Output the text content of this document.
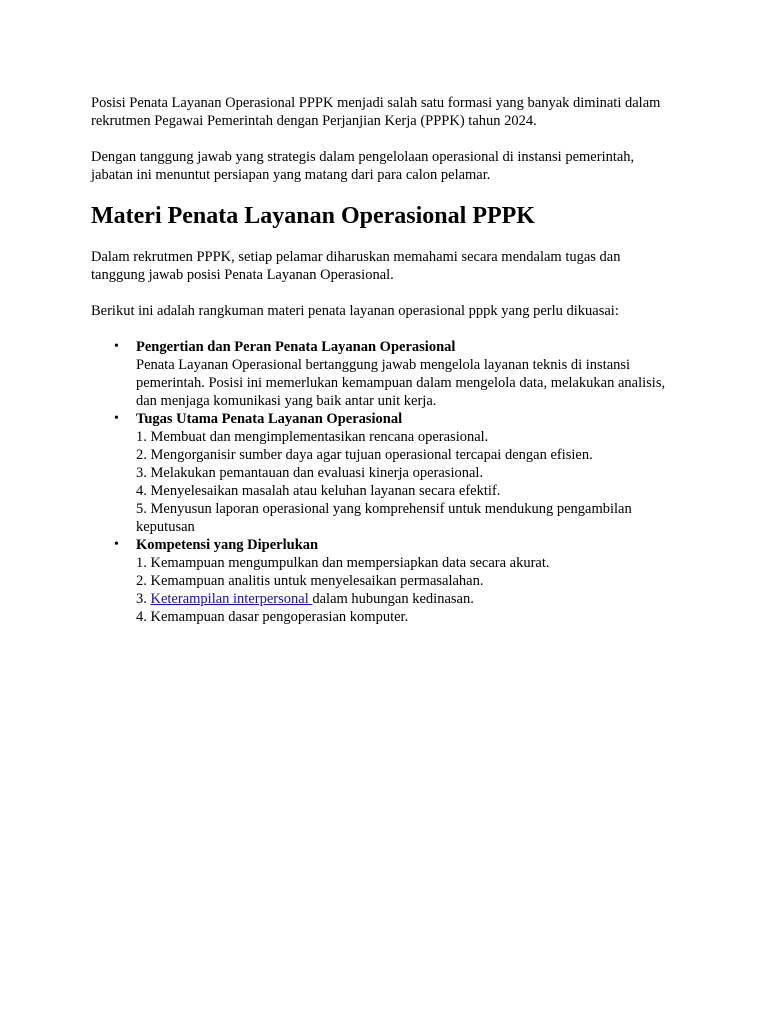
Posisi Penata Layanan Operasional PPPK menjadi salah satu formasi yang banyak diminati dalam rekrutmen Pegawai Pemerintah dengan Perjanjian Kerja (PPPK) tahun 2024.

Dengan tanggung jawab yang strategis dalam pengelolaan operasional di instansi pemerintah, jabatan ini menuntut persiapan yang matang dari para calon pelamar.

Materi Penata Layanan Operasional PPPK

Dalam rekrutmen PPPK, setiap pelamar diharuskan memahami secara mendalam tugas dan tanggung jawab posisi Penata Layanan Operasional.

Berikut ini adalah rangkuman materi penata layanan operasional pppk yang perlu dikuasai:

• Pengertian dan Peran Penata Layanan Operasional
Penata Layanan Operasional bertanggung jawab mengelola layanan teknis di instansi pemerintah. Posisi ini memerlukan kemampuan dalam mengelola data, melakukan analisis, dan menjaga komunikasi yang baik antar unit kerja.
• Tugas Utama Penata Layanan Operasional
1. Membuat dan mengimplementasikan rencana operasional.
2. Mengorganisir sumber daya agar tujuan operasional tercapai dengan efisien.
3. Melakukan pemantauan dan evaluasi kinerja operasional.
4. Menyelesaikan masalah atau keluhan layanan secara efektif.
5. Menyusun laporan operasional yang komprehensif untuk mendukung pengambilan keputusan
• Kompetensi yang Diperlukan
1. Kemampuan mengumpulkan dan mempersiapkan data secara akurat.
2. Kemampuan analitis untuk menyelesaikan permasalahan.
3. Keterampilan interpersonal dalam hubungan kedinasan.
4. Kemampuan dasar pengoperasian komputer.
